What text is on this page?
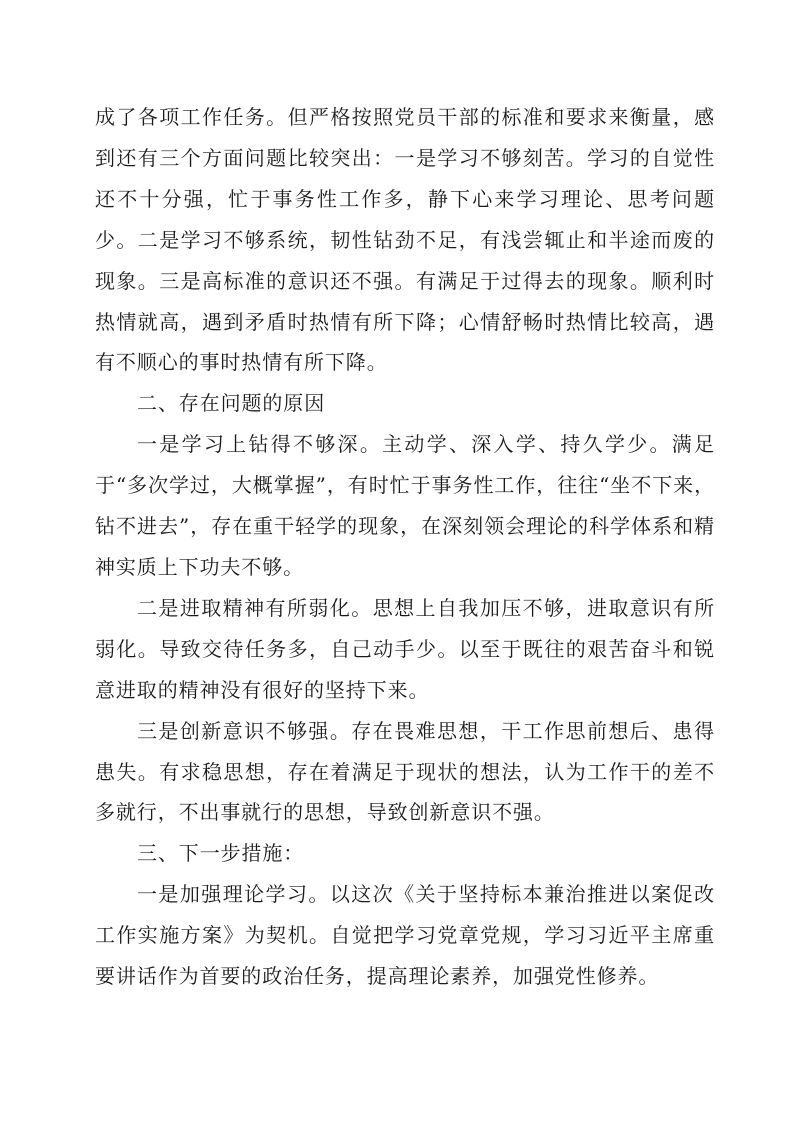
成了各项工作任务。但严格按照党员干部的标准和要求来衡量，感到还有三个方面问题比较突出：一是学习不够刻苦。学习的自觉性还不十分强，忙于事务性工作多，静下心来学习理论、思考问题少。二是学习不够系统，韧性钻劲不足，有浅尝辄止和半途而废的现象。三是高标准的意识还不强。有满足于过得去的现象。顺利时热情就高，遇到矛盾时热情有所下降；心情舒畅时热情比较高，遇有不顺心的事时热情有所下降。

二、存在问题的原因

一是学习上钻得不够深。主动学、深入学、持久学少。满足于“多次学过，大概掌握”，有时忙于事务性工作，往往“坐不下来，钻不进去”，存在重干轻学的现象，在深刻领会理论的科学体系和精神实质上下功夫不够。

二是进取精神有所弱化。思想上自我加压不够，进取意识有所弱化。导致交待任务多，自己动手少。以至于既往的艰苦奋斗和锐意进取的精神没有很好的坚持下来。

三是创新意识不够强。存在畏难思想，干工作思前想后、患得患失。有求稳思想，存在着满足于现状的想法，认为工作干的差不多就行，不出事就行的思想，导致创新意识不强。

三、下一步措施：

一是加强理论学习。以这次《关于坚持标本兼治推进以案促改工作实施方案》为契机。自觉把学习党章党规，学习习近平主席重要讲话作为首要的政治任务，提高理论素养，加强党性修养。
